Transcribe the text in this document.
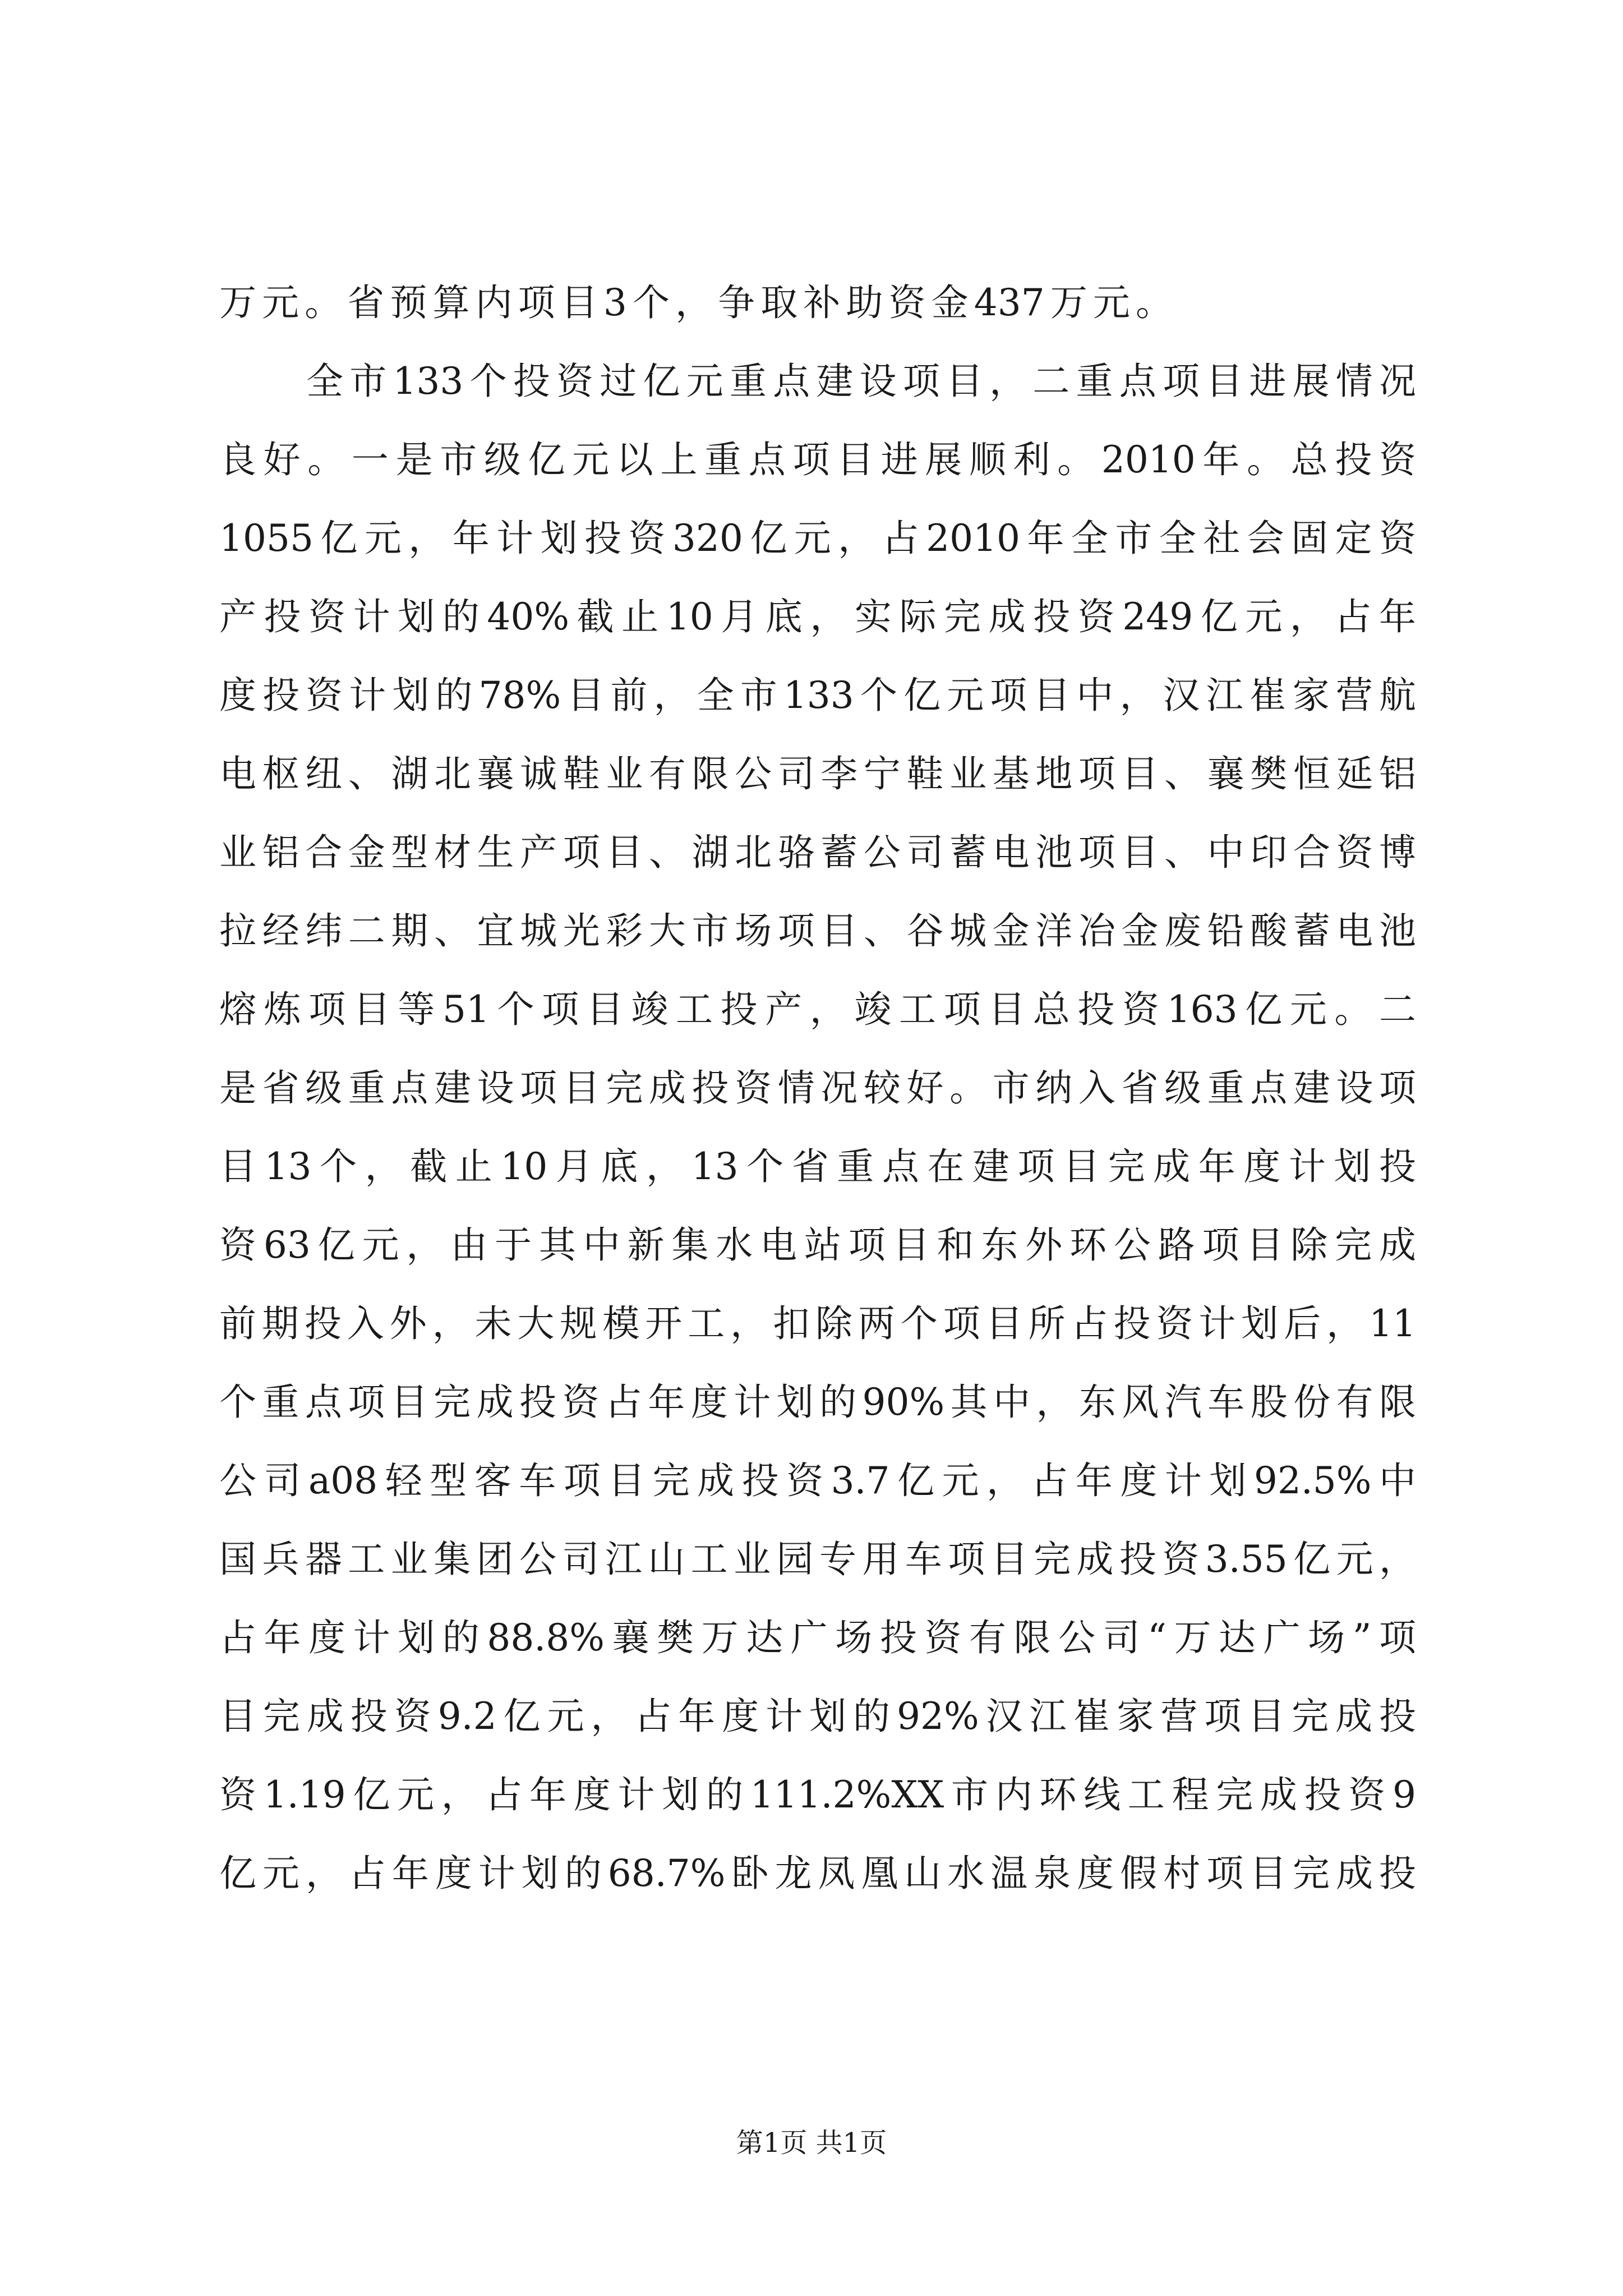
万元。省预算内项目3个，争取补助资金437万元。
全市133个投资过亿元重点建设项目，二重点项目进展情况
良好。一是市级亿元以上重点项目进展顺利。2010年。总投资
1055亿元，年计划投资320亿元，占2010年全市全社会固定资
产投资计划的40%截止10月底，实际完成投资249亿元，占年
度投资计划的78%目前，全市133个亿元项目中，汉江崔家营航
电枢纽、湖北襄诚鞋业有限公司李宁鞋业基地项目、襄樊恒延铝
业铝合金型材生产项目、湖北骆蓄公司蓄电池项目、中印合资博
拉经纬二期、宜城光彩大市场项目、谷城金洋冶金废铅酸蓄电池
熔炼项目等51个项目竣工投产，竣工项目总投资163亿元。二
是省级重点建设项目完成投资情况较好。市纳入省级重点建设项
目13个，截止10月底，13个省重点在建项目完成年度计划投
资63亿元，由于其中新集水电站项目和东外环公路项目除完成
前期投入外，未大规模开工，扣除两个项目所占投资计划后，11
个重点项目完成投资占年度计划的90%其中，东风汽车股份有限
公司a08轻型客车项目完成投资3.7亿元，占年度计划92.5%中
国兵器工业集团公司江山工业园专用车项目完成投资3.55亿元，
占年度计划的88.8%襄樊万达广场投资有限公司“万达广场”项
目完成投资9.2亿元，占年度计划的92%汉江崔家营项目完成投
资1.19亿元，占年度计划的111.2%XX市内环线工程完成投资9
亿元，占年度计划的68.7%卧龙凤凰山水温泉度假村项目完成投
第1页 共1页
